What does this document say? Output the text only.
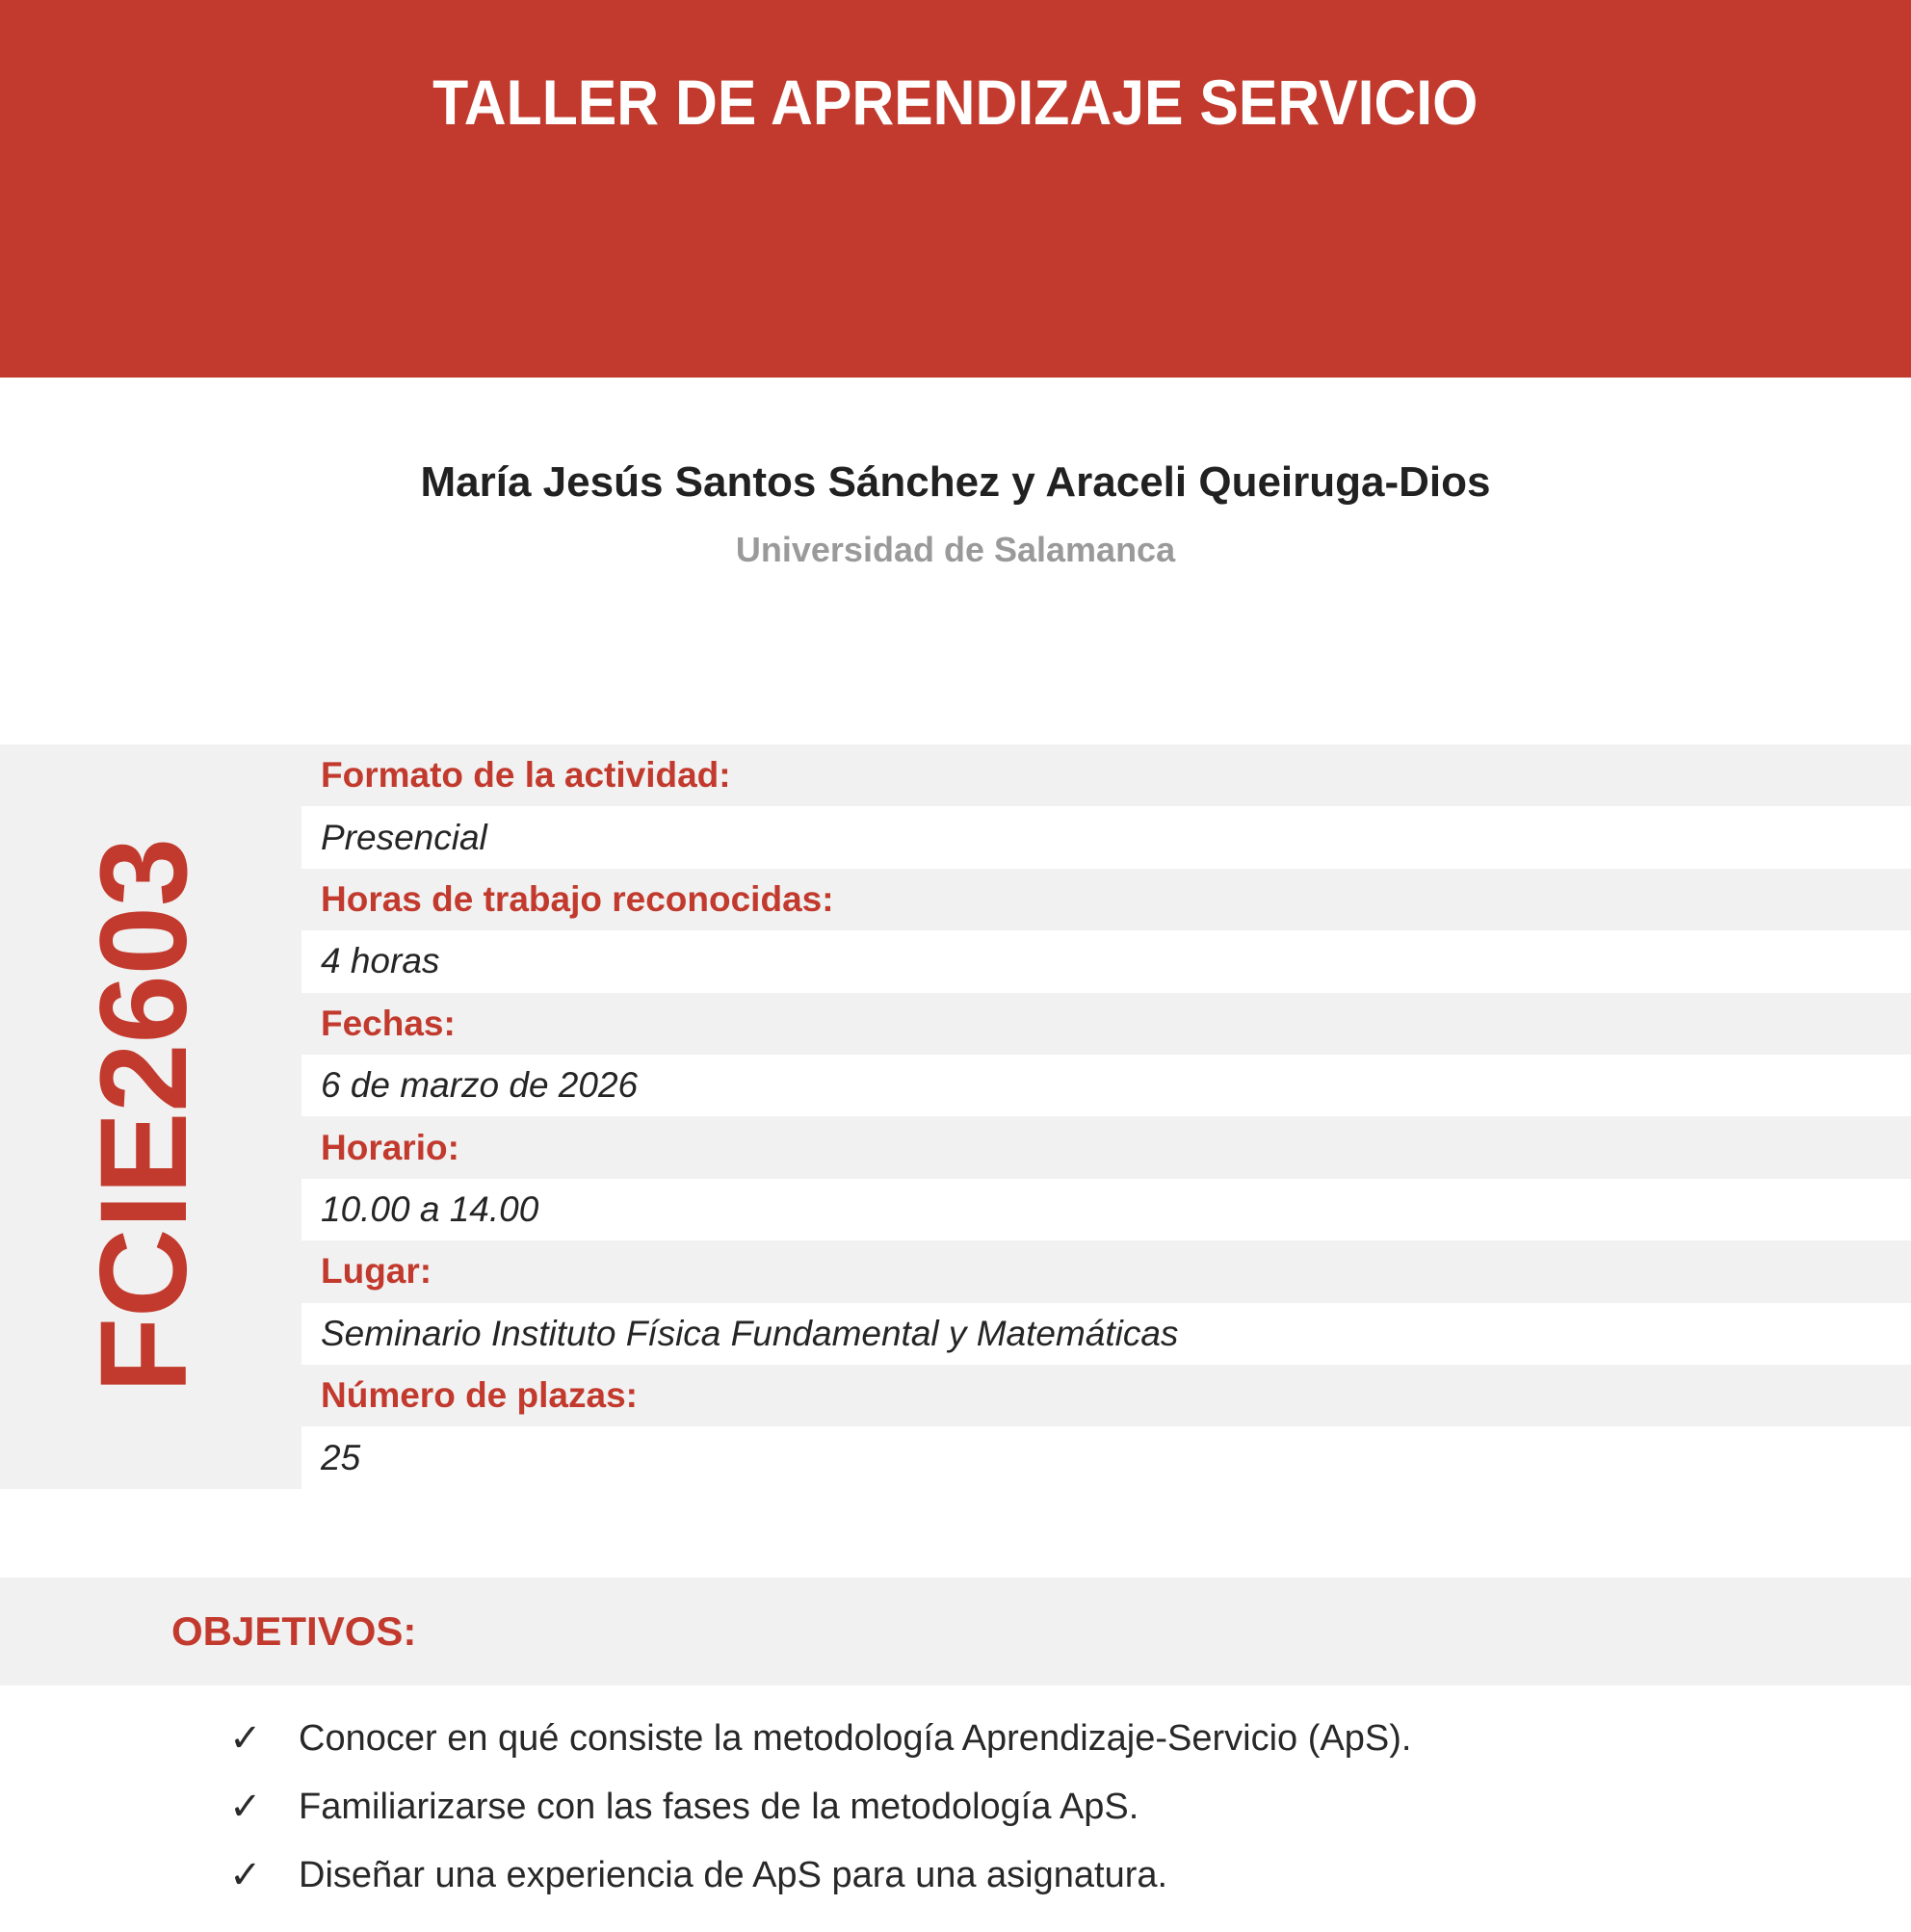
TALLER DE APRENDIZAJE SERVICIO
María Jesús Santos Sánchez y Araceli Queiruga-Dios
Universidad de Salamanca
FCIE2603
Formato de la actividad:
Presencial
Horas de trabajo reconocidas:
4 horas
Fechas:
6 de marzo de 2026
Horario:
10.00 a 14.00
Lugar:
Seminario Instituto Física Fundamental y Matemáticas
Número de plazas:
25
OBJETIVOS:
✓	Conocer en qué consiste la metodología Aprendizaje-Servicio (ApS).
✓	Familiarizarse con las fases de la metodología ApS.
✓	Diseñar una experiencia de ApS para una asignatura.
